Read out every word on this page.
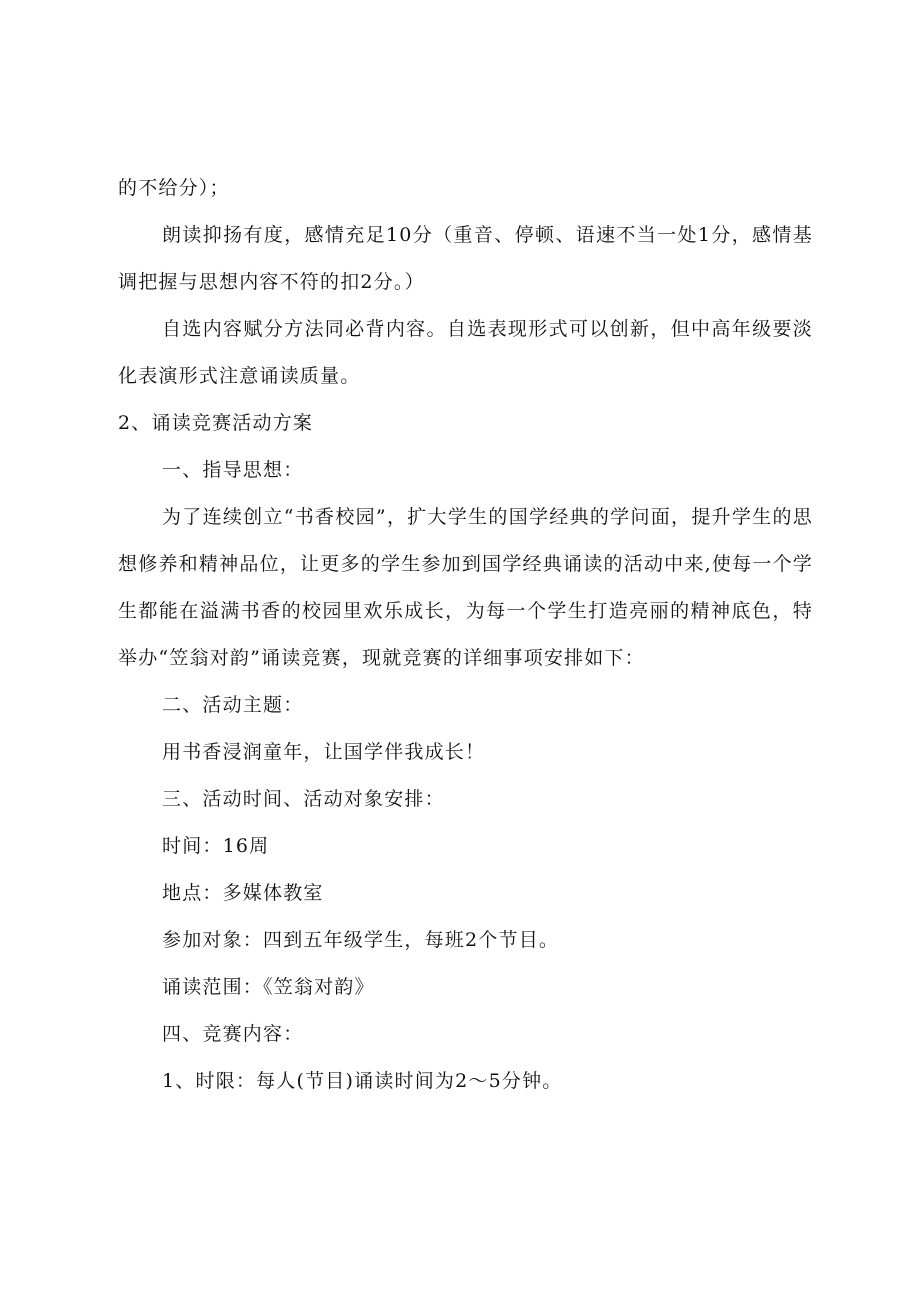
的不给分）；

朗读抑扬有度，感情充足10分（重音、停顿、语速不当一处1分，感情基调把握与思想内容不符的扣2分。）

自选内容赋分方法同必背内容。自选表现形式可以创新，但中高年级要淡化表演形式注意诵读质量。

2、诵读竞赛活动方案

一、指导思想：

为了连续创立“书香校园”，扩大学生的国学经典的学问面，提升学生的思想修养和精神品位，让更多的学生参加到国学经典诵读的活动中来,使每一个学生都能在溢满书香的校园里欢乐成长，为每一个学生打造亮丽的精神底色，特举办“笠翁对韵”诵读竞赛，现就竞赛的详细事项安排如下：

二、活动主题：

用书香浸润童年，让国学伴我成长！

三、活动时间、活动对象安排：

时间：16周

地点：多媒体教室

参加对象：四到五年级学生，每班2个节目。

诵读范围：《笠翁对韵》

四、竞赛内容：

1、时限：每人(节目)诵读时间为2～5分钟。
